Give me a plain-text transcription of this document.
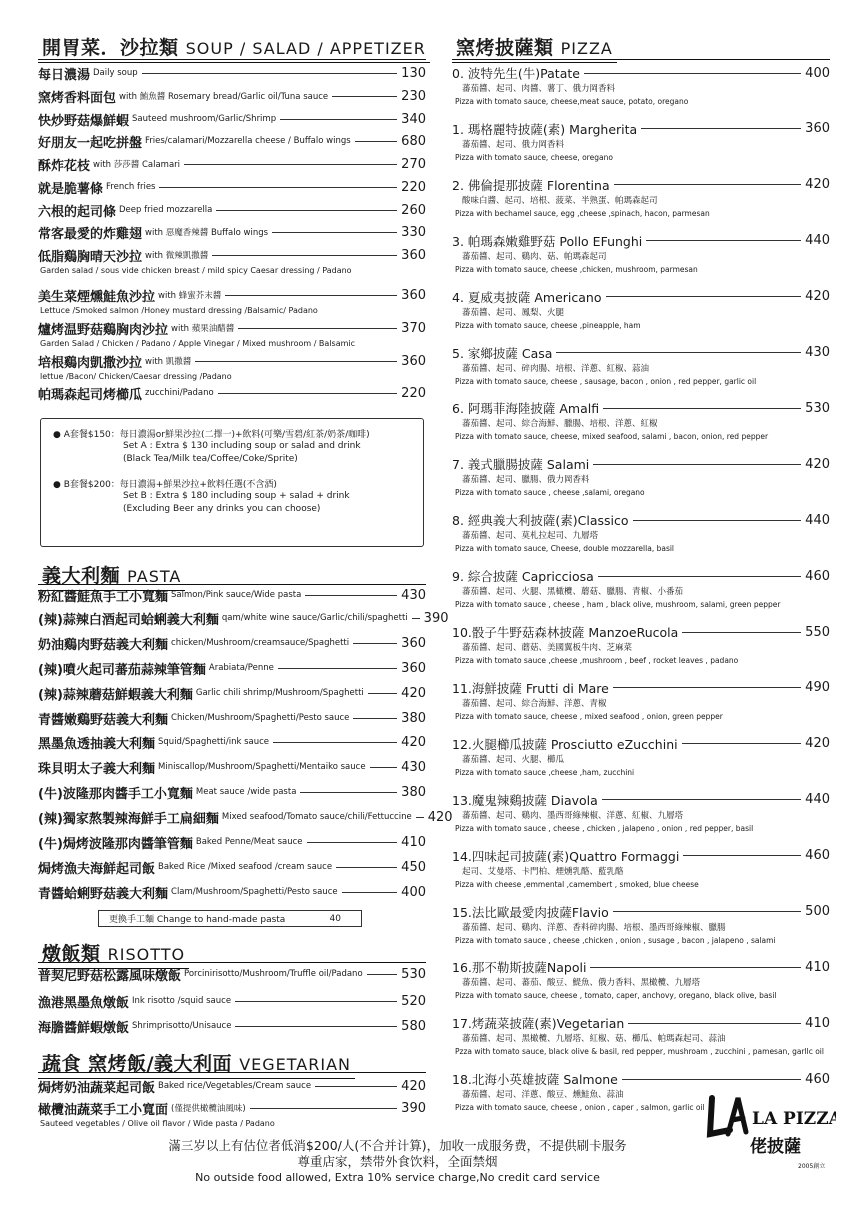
開胃菜．沙拉類 SOUP / SALAD / APPETIZER
每日濃湯 Daily soup	130
窯烤香料面包 with 鮪魚醬 Rosemary bread/Garlic oil/Tuna sauce	230
快炒野菇爆鮮蝦 Sauteed mushroom/Garlic/Shrimp	340
好朋友一起吃拼盤 Fries/calamari/Mozzarella cheese / Buffalo wings	680
酥炸花枝 with 莎莎醬 Calamari	270
就是脆薯條 French fries	220
六根的起司條 Deep fried mozzarella	260
常客最愛的炸雞翅 with 惡魔香辣醬 Buffalo wings	330
低脂鷄胸晴天沙拉 with 微辣凱撒醬	360
Garden salad / sous vide chicken breast / mild spicy Caesar dressing / Padano
美生菜煙燻鮭魚沙拉 with 蜂蜜芥末醬	360
Lettuce /Smoked salmon /Honey mustard dressing /Balsamic/ Padano
爐烤温野菇鷄胸肉沙拉 with 蘋果油醋醬	370
Garden Salad / Chicken / Padano / Apple Vinegar / Mixed mushroom / Balsamic
培根鷄肉凱撒沙拉 with 凱撒醬	360
lettue /Bacon/ Chicken/Caesar dressing /Padano
帕瑪森起司烤櫛瓜 zucchini/Padano	220
● A套餐$150：每日濃湯or鮮果沙拉(二擇一)+飲料(可樂/雪碧/紅茶/奶茶/咖啡)
Set A : Extra $ 130 including soup or salad and drink
(Black Tea/Milk tea/Coffee/Coke/Sprite)
● B套餐$200：每日濃湯+鮮果沙拉+飲料任選(不含酒)
Set B : Extra $ 180 including soup + salad + drink
(Excluding Beer any drinks you can choose)
義大利麵 PASTA
粉紅醬鮭魚手工小寬麵 Salmon/Pink sauce/Wide pasta	430
(辣)蒜辣白酒起司蛤蜊義大利麵 qam/white wine sauce/Garlic/chili/spaghetti 390
奶油鷄肉野菇義大利麵 chicken/Mushroom/creamsauce/Spaghetti	360
(辣)噴火起司蕃茄蒜辣筆管麵 Arabiata/Penne	360
(辣)蒜辣蘑菇鮮蝦義大利麵 Garlic chili shrimp/Mushroom/Spaghetti	420
青醬嫩鷄野菇義大利麵 Chicken/Mushroom/Spaghetti/Pesto sauce	380
黑墨魚透抽義大利麵 Squid/Spaghetti/ink sauce	420
珠貝明太子義大利麵 Miniscallop/Mushroom/Spaghetti/Mentaiko sauce	430
(牛)波隆那肉醬手工小寬麵 Meat sauce /wide pasta	380
(辣)獨家熬製辣海鮮手工扁細麵 Mixed seafood/Tomato sauce/chili/Fettuccine 420
(牛)焗烤波隆那肉醬筆管麵 Baked Penne/Meat sauce	410
焗烤漁夫海鮮起司飯 Baked Rice /Mixed seafood /cream sauce	450
青醬蛤蜊野菇義大利麵 Clam/Mushroom/Spaghetti/Pesto sauce	400
更換手工麵 Change to hand-made pasta	40
燉飯類 RISOTTO
普契尼野菇松露風味燉飯 Porcinirisotto/Mushroom/Truffle oil/Padano	530
漁港黑墨魚燉飯 Ink risotto /squid sauce	520
海膽醬鮮蝦燉飯 Shrimprisotto/Unisauce	580
蔬食 窯烤飯/義大利面 VEGETARIAN
焗烤奶油蔬菜起司飯 Baked rice/Vegetables/Cream sauce	420
橄欖油蔬菜手工小寬面 (僅提供橄欖油風味)	390
Sauteed vegetables / Olive oil flavor / Wide pasta / Padano
窯烤披薩類 PIZZA
0. 波特先生(牛)Patate	400
蕃茄醬、起司、肉醬、薯丁、俄力岡香料
Pizza with tomato sauce, cheese,meat sauce, potato, oregano
1. 瑪格麗特披薩(素) Margherita	360
蕃茄醬、起司、俄力岡香料
Pizza with tomato sauce, cheese, oregano
2. 佛倫提那披薩 Florentina	420
酸味白醬、起司、培根、菠菜、半熟蛋、帕瑪森起司
Pizza with bechamel sauce, egg ,cheese ,spinach, hacon, parmesan
3. 帕瑪森嫩雞野菇 Pollo EFunghi	440
蕃茄醬、起司、鷄肉、菇、帕瑪森起司
Pizza with tomato sauce, cheese ,chicken, mushroom, parmesan
4. 夏威夷披薩 Americano	420
蕃茄醬、起司、鳳梨、火腿
Pizza with tomato sauce, cheese ,pineapple, ham
5. 家鄉披薩 Casa	430
蕃茄醬、起司、碎肉腸、培根、洋蔥、紅椒、蒜油
Pizza with tomato sauce, cheese , sausage, bacon , onion , red pepper, garlic oil
6. 阿瑪菲海陸披薩 Amalfi	530
蕃茄醬、起司、綜合海鮮、臘腸、培根、洋蔥、紅椒
Pizza with tomato sauce, cheese, mixed seafood, salami , bacon, onion, red pepper
7. 義式臘腸披薩 Salami	420
蕃茄醬、起司、臘腸、俄力岡香料
Pizza with tomato sauce , cheese ,salami, oregano
8. 經典義大利披薩(素)Classico	440
蕃茄醬、起司、莫札拉起司、九層塔
Pizza with tomato sauce, Cheese, double mozzarella, basil
9. 綜合披薩 Capricciosa	460
蕃茄醬、起司、火腿、黑橄欖、蘑菇、臘腸、青椒、小番茄
Pizza with tomato sauce , cheese , ham , black olive, mushroom, salami, green pepper
10.骰子牛野菇森林披薩 ManzoeRucola	550
蕃茄醬、起司、蘑菇、美國翼板牛肉、芝麻菜
Pizza with tomato sauce ,cheese ,mushroom , beef , rocket leaves , padano
11.海鮮披薩 Frutti di Mare	490
蕃茄醬、起司、綜合海鮮、洋蔥、青椒
Pizza with tomato sauce, cheese , mixed seafood , onion, green pepper
12.火腿櫛瓜披薩 Prosciutto eZucchini	420
蕃茄醬、起司、火腿、櫛瓜
Pizza with tomato sauce ,cheese ,ham, zucchini
13.魔鬼辣鷄披薩 Diavola	440
蕃茄醬、起司、鷄肉、墨西哥綠辣椒、洋蔥、紅椒、九層塔
Pizza with tomato sauce , cheese , chicken , jalapeno , onion , red pepper, basil
14.四味起司披薩(素)Quattro Formaggi	460
起司、艾曼塔、卡門柏、煙燻乳酪、藍乳酪
Pizza with cheese ,emmental ,camembert , smoked, blue cheese
15.法比歐最愛肉披薩Flavio	500
蕃茄醬、起司、鷄肉、洋蔥、香料碎肉腸、培根、墨西哥綠辣椒、臘腸
Pizza with tomato sauce , cheese ,chicken , onion , susage , bacon , jalapeno , salami
16.那不勒斯披薩Napoli	410
蕃茄醬、起司、蕃茄、酸豆、鯷魚、俄力香料、黑橄欖、九層塔
Pizza with tomato sauce, cheese , tomato, caper, anchovy, oregano, black olive, basil
17.烤蔬菜披薩(素)Vegetarian	410
蕃茄醬、起司、黑橄欖、九層塔、紅椒、菇、櫛瓜、帕瑪森起司、蒜油
Pzza with tomato sauce, black olive & basil, red pepper, mushroam , zucchini , pamesan, garllc oil
18.北海小英雄披薩 Salmone	460
蕃茄醬、起司、洋蔥、酸豆、燻鮭魚、蒜油
Pizza with tomato sauce, cheese , onion , caper , salmon, garlic oil
LA PIZZA
佬披薩
2005創立
滿三岁以上有估位者低消$200/人(不合并计算)，加收一成服务费，不提供刷卡服务
尊重店家，禁带外食饮料，全面禁烟
No outside food allowed, Extra 10% service charge,No credit card service
